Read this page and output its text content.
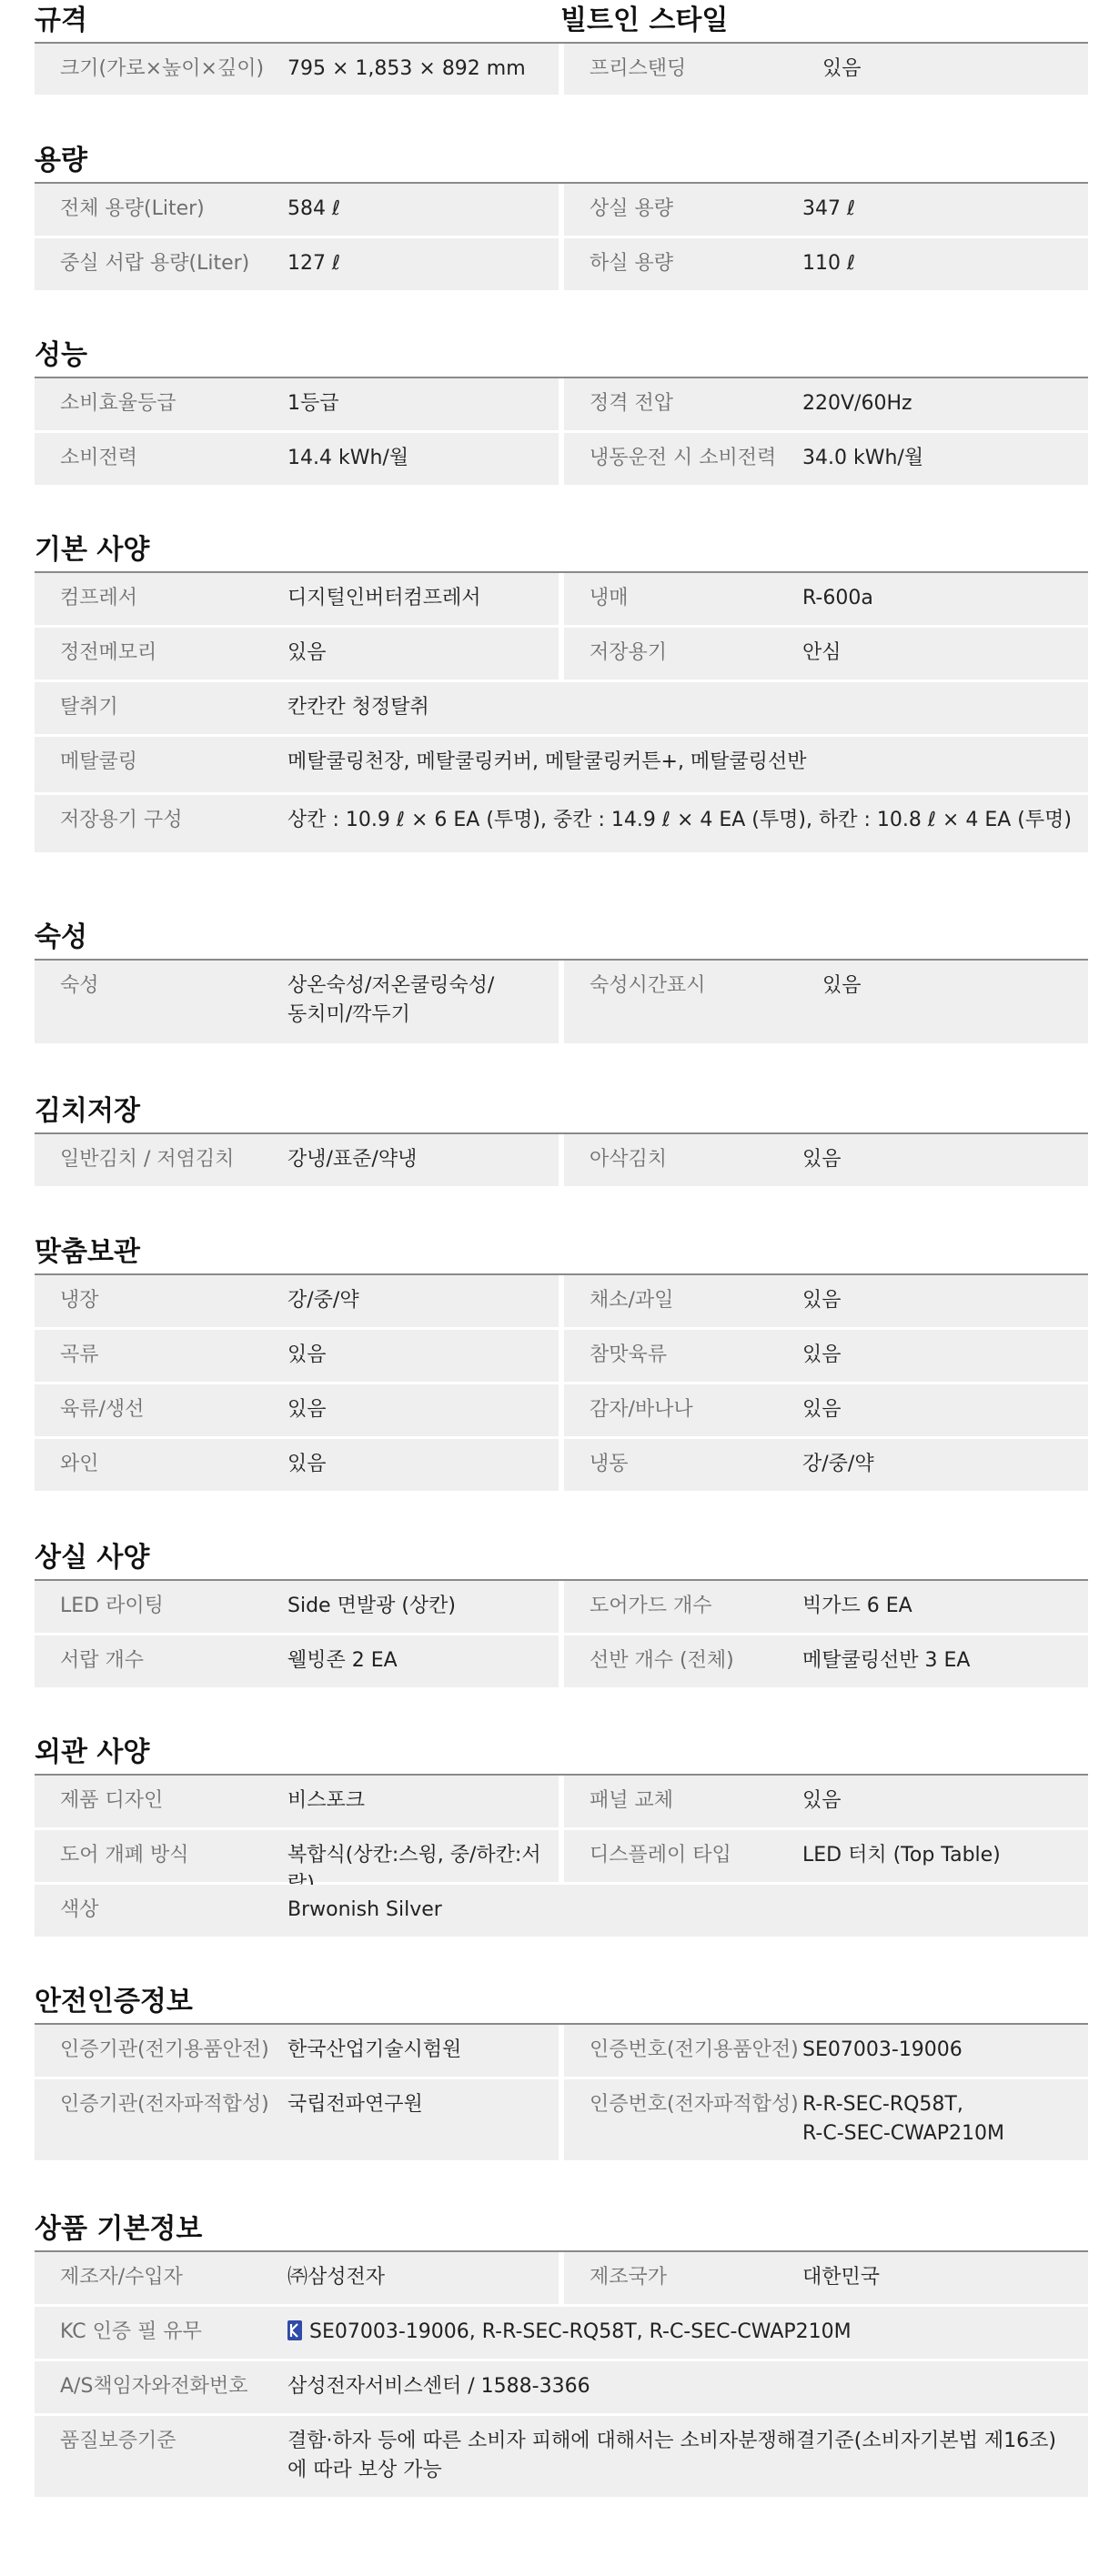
규격	빌트인 스타일
크기(가로×높이×깊이)	795 × 1,853 × 892 mm	프리스탠딩	있음
용량
전체 용량(Liter)	584 ℓ	상실 용량	347 ℓ
중실 서랍 용량(Liter)	127 ℓ	하실 용량	110 ℓ
성능
소비효율등급	1등급	정격 전압	220V/60Hz
소비전력	14.4 kWh/월	냉동운전 시 소비전력	34.0 kWh/월
기본 사양
컴프레서	디지털인버터컴프레서	냉매	R-600a
정전메모리	있음	저장용기	안심
탈취기	칸칸칸 청정탈취
메탈쿨링	메탈쿨링천장, 메탈쿨링커버, 메탈쿨링커튼+, 메탈쿨링선반
저장용기 구성	상칸 : 10.9 ℓ × 6 EA (투명), 중칸 : 14.9 ℓ × 4 EA (투명), 하칸 : 10.8 ℓ × 4 EA (투명)
숙성
숙성	상온숙성/저온쿨링숙성/
동치미/깍두기
숙성시간표시	있음
김치저장
일반김치 / 저염김치	강냉/표준/약냉	아삭김치	있음
맞춤보관
냉장	강/중/약	채소/과일	있음
곡류	있음	참맛육류	있음
육류/생선	있음	감자/바나나	있음
와인	있음	냉동	강/중/약
상실 사양
LED 라이팅	Side 면발광 (상칸)	도어가드 개수	빅가드 6 EA
서랍 개수	웰빙존 2 EA	선반 개수 (전체)	메탈쿨링선반 3 EA
외관 사양
제품 디자인	비스포크	패널 교체	있음
도어 개폐 방식	복합식(상칸:스윙, 중/하칸:서	디스플레이 타입	LED 터치 (Top Table)
색상	Brwonish Silver
안전인증정보
인증기관(전기용품안전) 한국산업기술시험원	인증번호(전기용품안전) SE07003-19006
인증기관(전자파적합성) 국립전파연구원	인증번호(전자파적합성) R-R-SEC-RQ58T,
R-C-SEC-CWAP210M
상품 기본정보
제조자/수입자	㈜삼성전자	제조국가	대한민국
KC 인증 필 유무	SE07003-19006, R-R-SEC-RQ58T, R-C-SEC-CWAP210M
A/S책임자와전화번호	삼성전자서비스센터 / 1588-3366
품질보증기준	결함·하자 등에 따른 소비자 피해에 대해서는 소비자분쟁해결기준(소비자기본법 제16조)
에 따라 보상 가능
